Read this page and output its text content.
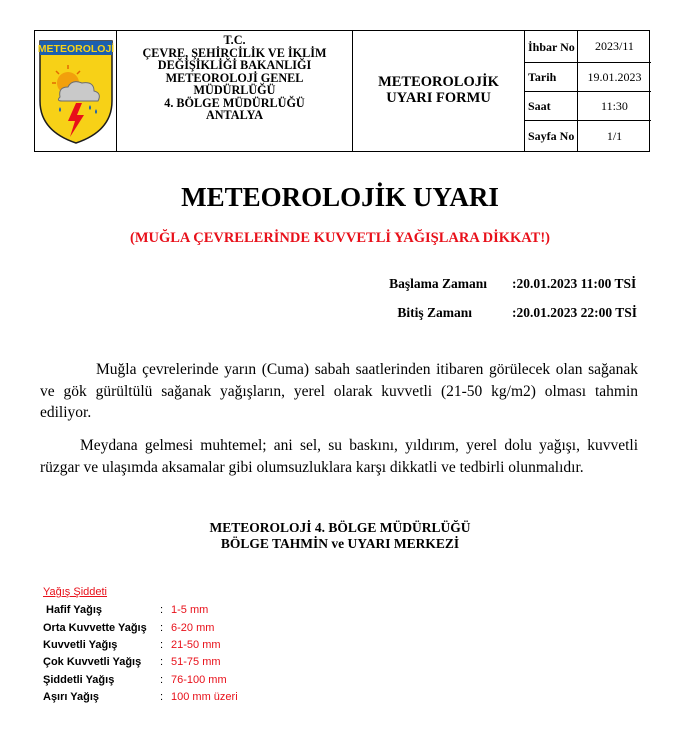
METEOROLOJİ
T.C.
ÇEVRE, ŞEHİRCİLİK VE İKLİM
DEĞİŞİKLİĞİ BAKANLIĞI
METEOROLOJİ GENEL
MÜDÜRLÜĞÜ
4. BÖLGE MÜDÜRLÜĞÜ
ANTALYA
METEOROLOJİK
UYARI FORMU
İhbar No	2023/11
Tarih	19.01.2023
Saat	11:30
Sayfa No	1/1
METEOROLOJİK UYARI
(MUĞLA ÇEVRELERİNDE KUVVETLİ YAĞIŞLARA DİKKAT!)
Başlama Zamanı :20.01.2023 11:00 TSİ
Bitiş Zamanı	:20.01.2023 22:00 TSİ
Muğla çevrelerinde yarın (Cuma) sabah saatlerinden itibaren görülecek olan sağanak ve gök gürültülü sağanak yağışların, yerel olarak kuvvetli (21-50 kg/m2) olması tahmin ediliyor.
Meydana gelmesi muhtemel; ani sel, su baskını, yıldırım, yerel dolu yağışı, kuvvetli rüzgar ve ulaşımda aksamalar gibi olumsuzluklara karşı dikkatli ve tedbirli olunmalıdır.
METEOROLOJİ 4. BÖLGE MÜDÜRLÜĞÜ
BÖLGE TAHMİN ve UYARI MERKEZİ
Yağış Şiddeti
Hafif Yağış	: 1-5 mm
Orta Kuvvette Yağış : 6-20 mm
Kuvvetli Yağış	: 21-50 mm
Çok Kuvvetli Yağış : 51-75 mm
Şiddetli Yağış	: 76-100 mm
Aşırı Yağış	: 100 mm üzeri
